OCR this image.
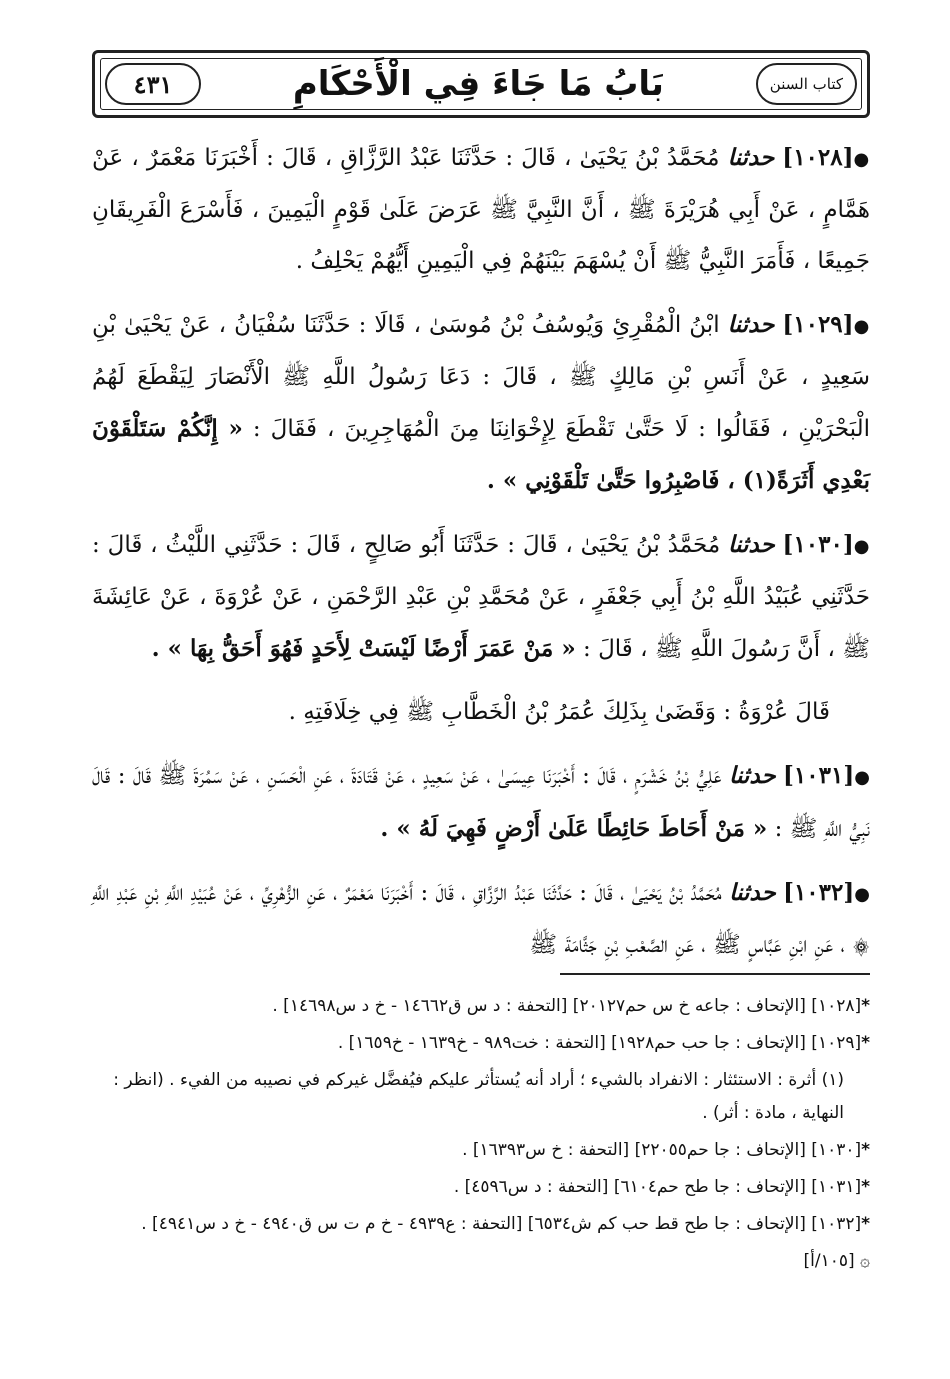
كتاب السنن
بَابُ مَا جَاءَ فِي الْأَحْكَامِ
٤٣١

●[١٠٢٨] حدثنا مُحَمَّدُ بْنُ يَحْيَىٰ ، قَالَ : حَدَّثَنَا عَبْدُ الرَّزَّاقِ ، قَالَ : أَخْبَرَنَا مَعْمَرٌ ، عَنْ هَمَّامٍ ، عَنْ أَبِي هُرَيْرَةَ ﷺ ، أَنَّ النَّبِيَّ ﷺ عَرَضَ عَلَىٰ قَوْمٍ الْيَمِينَ ، فَأَسْرَعَ الْفَرِيقَانِ جَمِيعًا ، فَأَمَرَ النَّبِيُّ ﷺ أَنْ يُسْهَمَ بَيْنَهُمْ فِي الْيَمِينِ أَيُّهُمْ يَحْلِفُ .

●[١٠٢٩] حدثنا ابْنُ الْمُقْرِئِ وَيُوسُفُ بْنُ مُوسَىٰ ، قَالَا : حَدَّثَنَا سُفْيَانُ ، عَنْ يَحْيَىٰ بْنِ سَعِيدٍ ، عَنْ أَنَسِ بْنِ مَالِكٍ ﷺ ، قَالَ : دَعَا رَسُولُ اللَّهِ ﷺ الْأَنْصَارَ لِيَقْطَعَ لَهُمُ الْبَحْرَيْنِ ، فَقَالُوا : لَا حَتَّىٰ تَقْطَعَ لِإِخْوَانِنَا مِنَ الْمُهَاجِرِينَ ، فَقَالَ : « إِنَّكُمْ سَتَلْقَوْنَ بَعْدِي أَثَرَةً(١) ، فَاصْبِرُوا حَتَّىٰ تَلْقَوْنِي » .

●[١٠٣٠] حدثنا مُحَمَّدُ بْنُ يَحْيَىٰ ، قَالَ : حَدَّثَنَا أَبُو صَالِحٍ ، قَالَ : حَدَّثَنِي اللَّيْثُ ، قَالَ : حَدَّثَنِي عُبَيْدُ اللَّهِ بْنُ أَبِي جَعْفَرٍ ، عَنْ مُحَمَّدِ بْنِ عَبْدِ الرَّحْمَنِ ، عَنْ عُرْوَةَ ، عَنْ عَائِشَةَ ﷺ ، أَنَّ رَسُولَ اللَّهِ ﷺ ، قَالَ : « مَنْ عَمَرَ أَرْضًا لَيْسَتْ لِأَحَدٍ فَهُوَ أَحَقُّ بِهَا » .

قَالَ عُرْوَةُ : وَقَضَىٰ بِذَلِكَ عُمَرُ بْنُ الْخَطَّابِ ﷺ فِي خِلَافَتِهِ .

●[١٠٣١] حدثنا عَلِيُّ بْنُ خَشْرَمٍ ، قَالَ : أَخْبَرَنَا عِيسَىٰ ، عَنْ سَعِيدٍ ، عَنْ قَتَادَةَ ، عَنِ الْحَسَنِ ، عَنْ سَمُرَةَ ﷺ قَالَ : قَالَ نَبِيُّ اللَّهِ ﷺ : « مَنْ أَحَاطَ حَائِطًا عَلَىٰ أَرْضٍ فَهِيَ لَهُ » .

●[١٠٣٢] حدثنا مُحَمَّدُ بْنُ يَحْيَىٰ ، قَالَ : حَدَّثَنَا عَبْدُ الرَّزَّاقِ ، قَالَ : أَخْبَرَنَا مَعْمَرٌ ، عَنِ الزُّهْرِيِّ ، عَنْ عُبَيْدِ اللَّهِ بْنِ عَبْدِ اللَّهِ ۞ ، عَنِ ابْنِ عَبَّاسٍ ﷺ ، عَنِ الصَّعْبِ بْنِ جَثَّامَةَ ﷺ

*[١٠٢٨] [الإتحاف : جاعه خ س حم٢٠١٢٧] [التحفة : د س ق١٤٦٦٢ - خ د س١٤٦٩٨] .
*[١٠٢٩] [الإتحاف : جا حب حم١٩٢٨] [التحفة : خت٩٨٩ - خ١٦٣٩ - خ١٦٥٩] .
(١) أثرة : الاستئثار : الانفراد بالشيء ؛ أراد أنه يُستأثر عليكم فيُفضَّل غيركم في نصيبه من الفيء . (انظر : النهاية ، مادة : أثر) .
*[١٠٣٠] [الإتحاف : جا حم٢٢٠٥٥] [التحفة : خ س١٦٣٩٣] .
*[١٠٣١] [الإتحاف : جا طح حم٦١٠٤] [التحفة : د س٤٥٩٦] .
*[١٠٣٢] [الإتحاف : جا طح قط حب كم ش٦٥٣٤] [التحفة : ع٤٩٣٩ - خ م ت س ق٤٩٤٠ - خ د س٤٩٤١] .
۞ [١٠٥/أ]
